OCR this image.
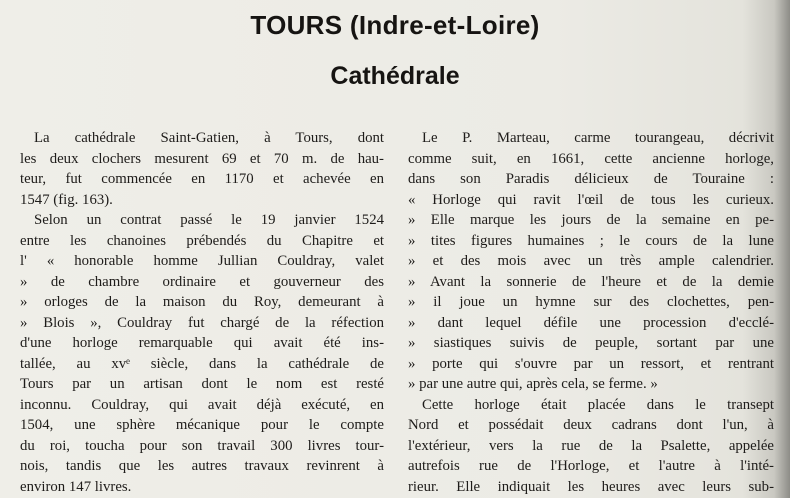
TOURS (Indre-et-Loire)
Cathédrale
La cathédrale Saint-Gatien, à Tours, dont
les deux clochers mesurent 69 et 70 m. de hau-
teur, fut commencée en 1170 et achevée en
1547 (fig. 163).
Selon un contrat passé le 19 janvier 1524
entre les chanoines prébendés du Chapitre et
l' « honorable homme Jullian Couldray, valet
» de chambre ordinaire et gouverneur des
» orloges de la maison du Roy, demeurant à
» Blois », Couldray fut chargé de la réfection
d'une horloge remarquable qui avait été ins-
tallée, au xvᵉ siècle, dans la cathédrale de
Tours par un artisan dont le nom est resté
inconnu. Couldray, qui avait déjà exécuté, en
1504, une sphère mécanique pour le compte
du roi, toucha pour son travail 300 livres tour-
nois, tandis que les autres travaux revinrent à
environ 147 livres.
Le P. Marteau, carme tourangeau, décrivit
comme suit, en 1661, cette ancienne horloge,
dans son Paradis délicieux de Touraine :
« Horloge qui ravit l'œil de tous les curieux.
» Elle marque les jours de la semaine en pe-
» tites figures humaines ; le cours de la lune
» et des mois avec un très ample calendrier.
» Avant la sonnerie de l'heure et de la demie
» il joue un hymne sur des clochettes, pen-
» dant lequel défile une procession d'ecclé-
» siastiques suivis de peuple, sortant par une
» porte qui s'ouvre par un ressort, et rentrant
» par une autre qui, après cela, se ferme. »
Cette horloge était placée dans le transept
Nord et possédait deux cadrans dont l'un, à
l'extérieur, vers la rue de la Psalette, appelée
autrefois rue de l'Horloge, et l'autre à l'inté-
rieur. Elle indiquait les heures avec leurs sub-
